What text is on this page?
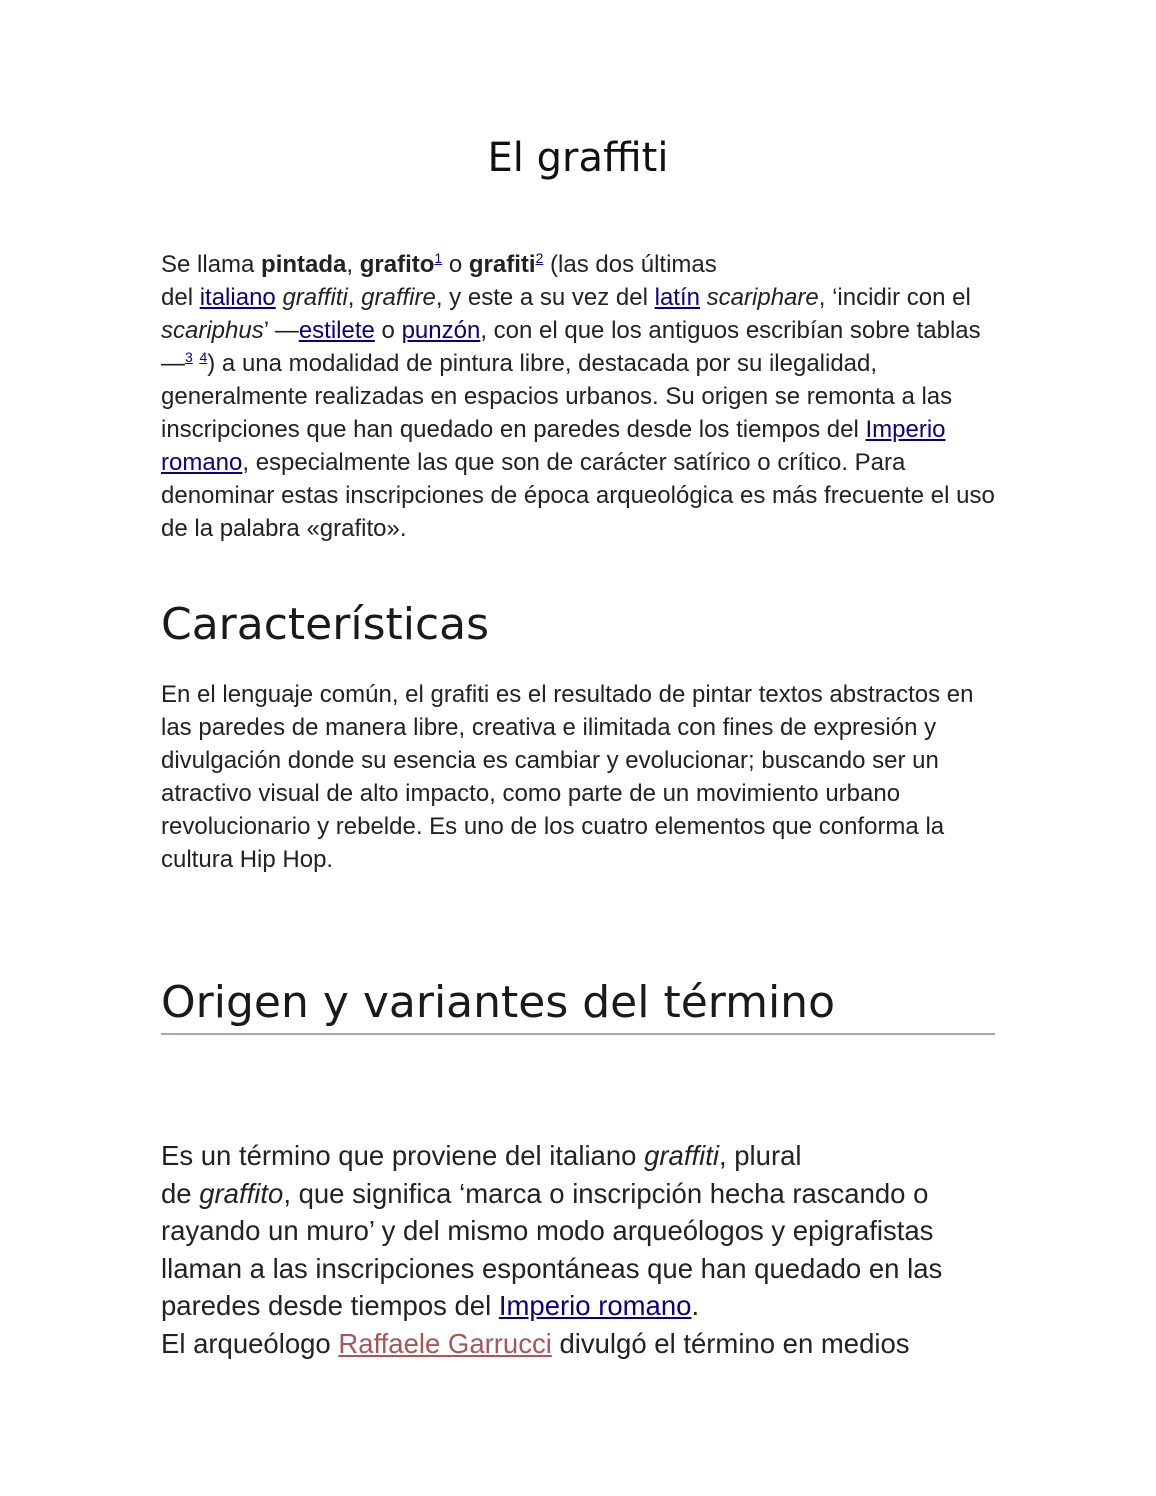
El graffiti
Se llama pintada, grafito$^1$ o grafiti$^2$ (las dos últimas
del italiano graffiti, graffire, y este a su vez del latín scariphare, ‘incidir con el scariphus’ —estilete o punzón, con el que los antiguos escribían sobre tablas—$^3$ $^4$) a una modalidad de pintura libre, destacada por su ilegalidad, generalmente realizadas en espacios urbanos. Su origen se remonta a las inscripciones que han quedado en paredes desde los tiempos del Imperio romano, especialmente las que son de carácter satírico o crítico. Para denominar estas inscripciones de época arqueológica es más frecuente el uso de la palabra «grafito».
Características
En el lenguaje común, el grafiti es el resultado de pintar textos abstractos en las paredes de manera libre, creativa e ilimitada con fines de expresión y divulgación donde su esencia es cambiar y evolucionar; buscando ser un atractivo visual de alto impacto, como parte de un movimiento urbano revolucionario y rebelde. Es uno de los cuatro elementos que conforma la cultura Hip Hop.
Origen y variantes del término
Es un término que proviene del italiano graffiti, plural
de graffito, que significa ‘marca o inscripción hecha rascando o rayando un muro’ y del mismo modo arqueólogos y epigrafistas llaman a las inscripciones espontáneas que han quedado en las paredes desde tiempos del Imperio romano.
El arqueólogo Raffaele Garrucci divulgó el término en medios
